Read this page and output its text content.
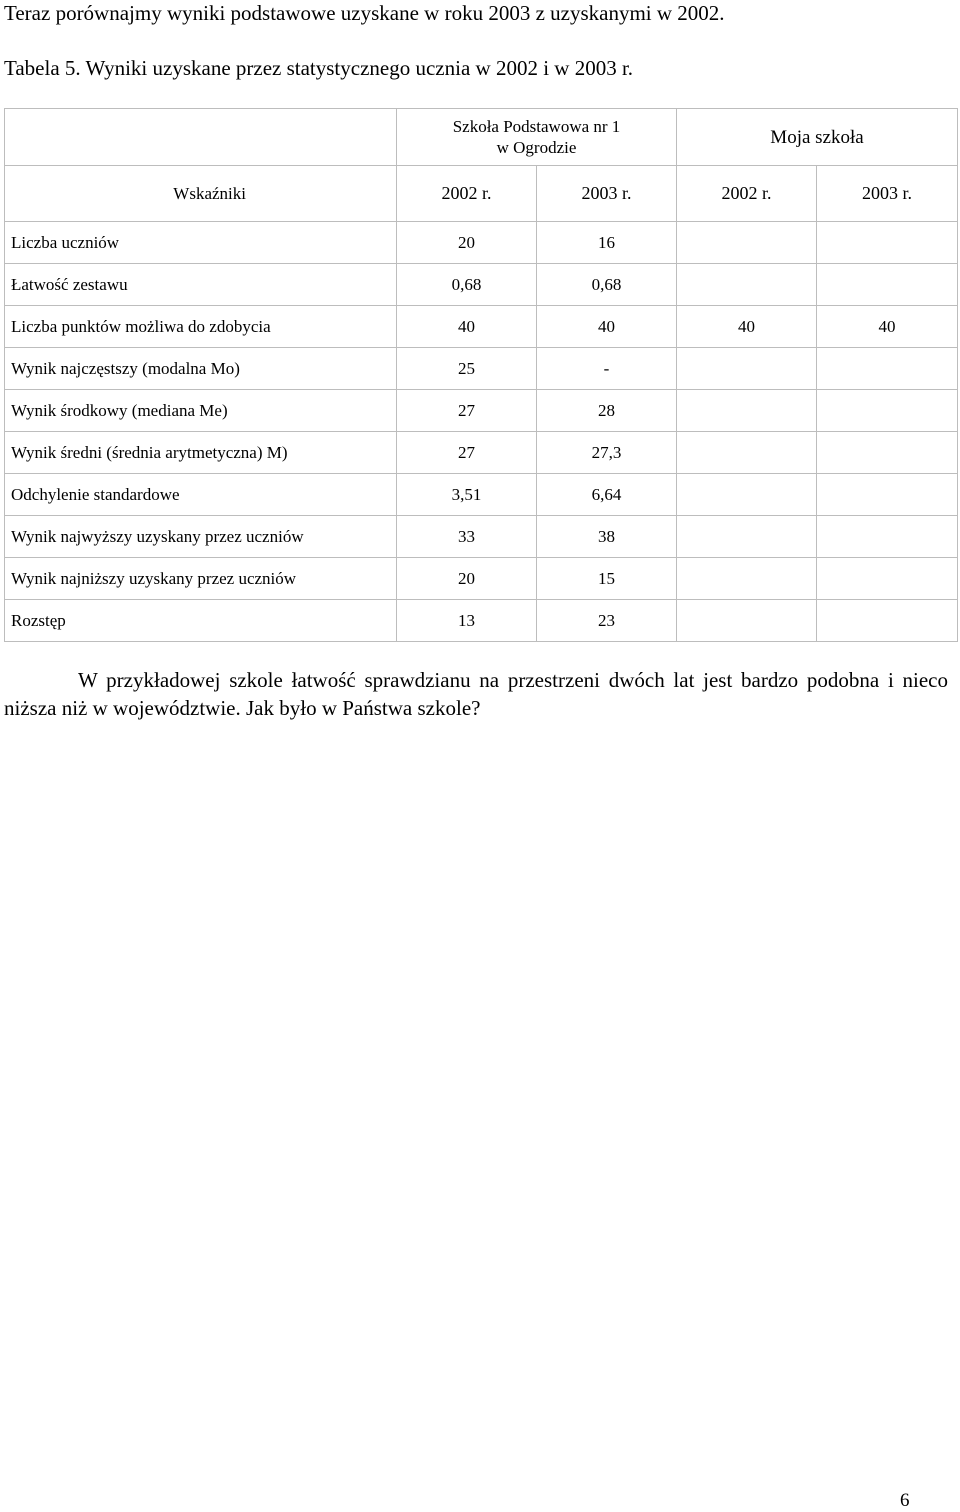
Teraz porównajmy wyniki podstawowe uzyskane w roku 2003 z uzyskanymi w 2002.
Tabela 5. Wyniki uzyskane przez statystycznego ucznia w 2002 i w 2003 r.

	Szkoła Podstawowa nr 1
w Ogrodzie		Moja szkoła	
Wskaźniki	2002 r.	2003 r.	2002 r.	2003 r.
Liczba uczniów	20	16		
Łatwość zestawu	0,68	0,68		
Liczba punktów możliwa do zdobycia	40	40	40	40
Wynik najczęstszy (modalna Mo)	25	-		
Wynik środkowy (mediana Me)	27	28		
Wynik średni (średnia arytmetyczna) M)	27	27,3		
Odchylenie standardowe	3,51	6,64		
Wynik najwyższy uzyskany przez uczniów	33	38		
Wynik najniższy uzyskany przez uczniów	20	15		
Rozstęp	13	23		
W przykładowej szkole łatwość sprawdzianu na przestrzeni dwóch lat jest bardzo podobna i nieco niższa niż w województwie. Jak było w Państwa szkole?
6
